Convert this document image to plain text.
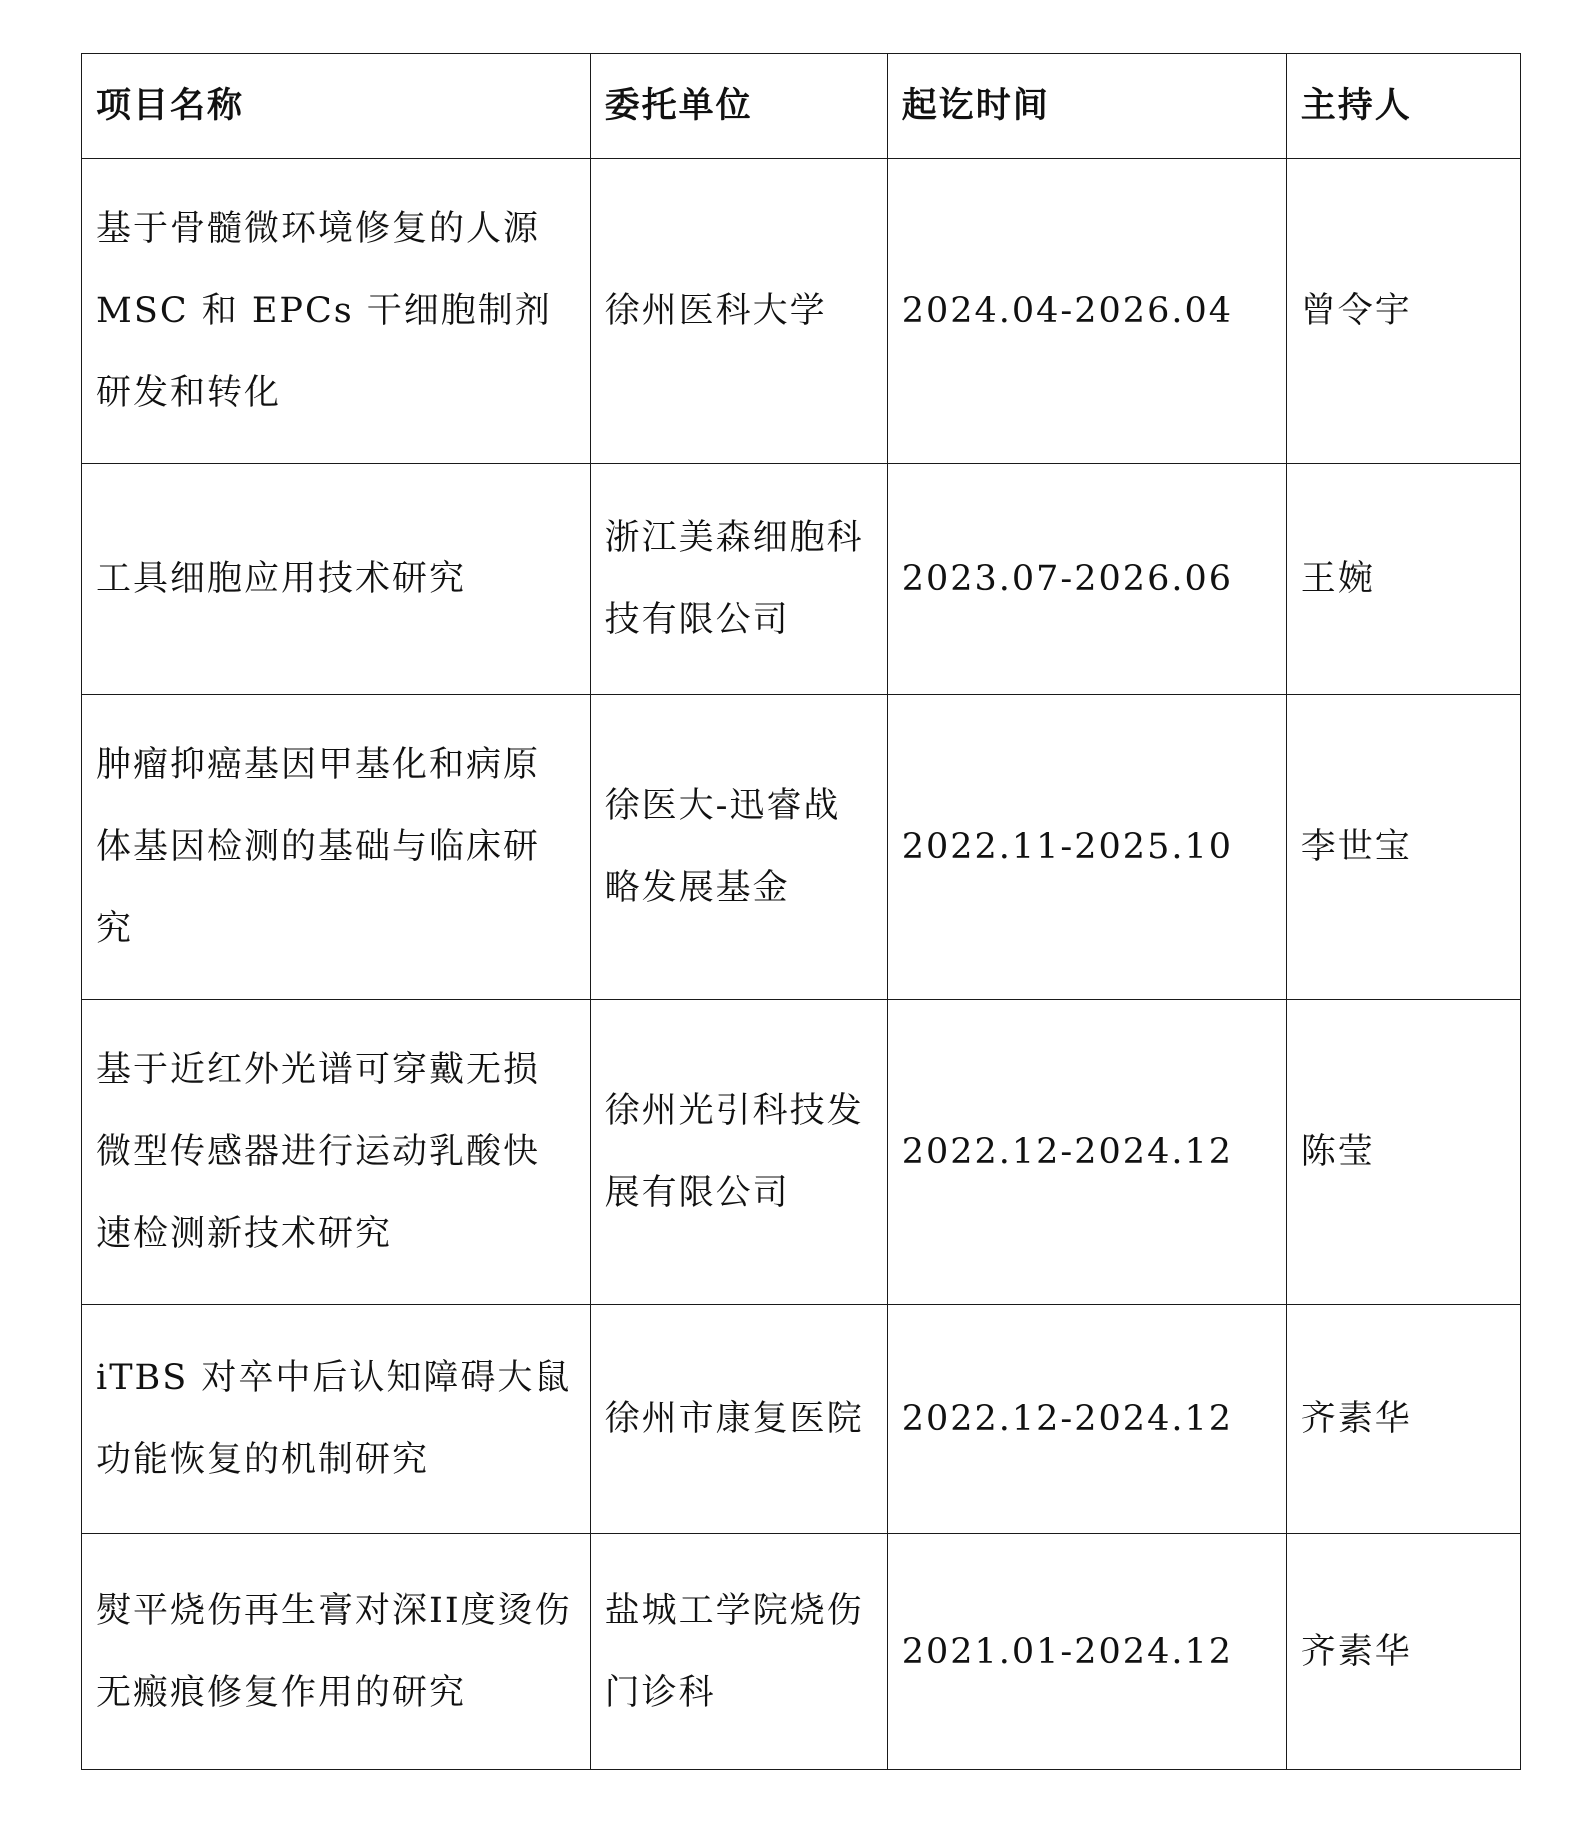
项目名称	委托单位	起讫时间	主持人
基于骨髓微环境修复的人源MSC 和 EPCs 干细胞制剂研发和转化	徐州医科大学	2024.04-2026.04	曾令宇
工具细胞应用技术研究	浙江美森细胞科技有限公司	2023.07-2026.06	王婉
肿瘤抑癌基因甲基化和病原体基因检测的基础与临床研究	徐医大-迅睿战略发展基金	2022.11-2025.10	李世宝
基于近红外光谱可穿戴无损微型传感器进行运动乳酸快速检测新技术研究	徐州光引科技发展有限公司	2022.12-2024.12	陈莹
iTBS 对卒中后认知障碍大鼠功能恢复的机制研究	徐州市康复医院	2022.12-2024.12	齐素华
熨平烧伤再生膏对深II度烫伤无瘢痕修复作用的研究	盐城工学院烧伤门诊科	2021.01-2024.12	齐素华
